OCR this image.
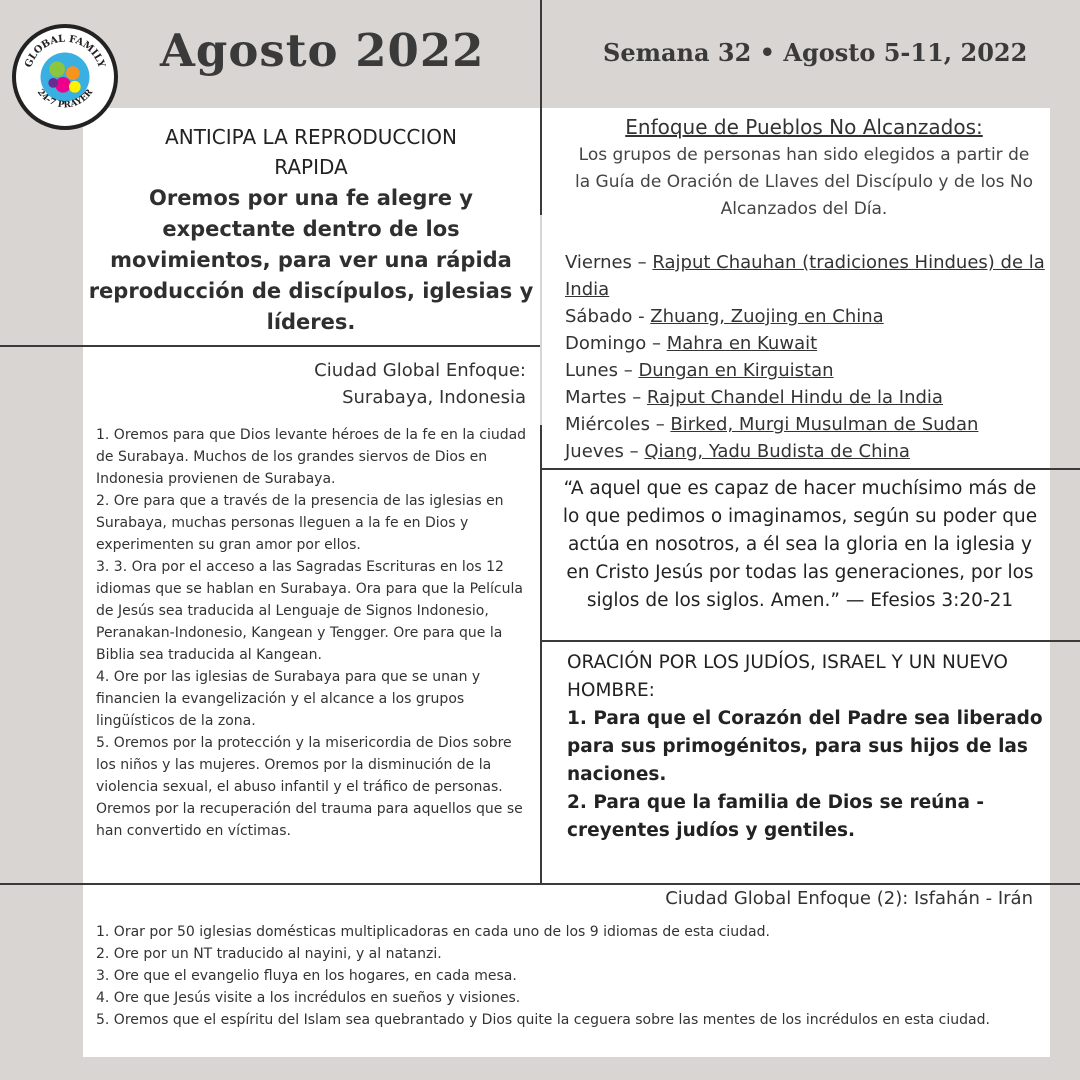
GLOBAL FAMILY
24-7 PRAYER
Agosto 2022	Semana 32 • Agosto 5-11, 2022
ANTICIPA LA REPRODUCCION
RAPIDA
Oremos por una fe alegre y expectante dentro de los movimientos, para ver una rápida reproducción de discípulos, iglesias y líderes.
Ciudad Global Enfoque:
Surabaya, Indonesia
1. Oremos para que Dios levante héroes de la fe en la ciudad de Surabaya. Muchos de los grandes siervos de Dios en Indonesia provienen de Surabaya.
2. Ore para que a través de la presencia de las iglesias en Surabaya, muchas personas lleguen a la fe en Dios y experimenten su gran amor por ellos.
3. 3. Ora por el acceso a las Sagradas Escrituras en los 12 idiomas que se hablan en Surabaya. Ora para que la Película de Jesús sea traducida al Lenguaje de Signos Indonesio, Peranakan-Indonesio, Kangean y Tengger. Ore para que la Biblia sea traducida al Kangean.
4. Ore por las iglesias de Surabaya para que se unan y financien la evangelización y el alcance a los grupos lingüísticos de la zona.
5. Oremos por la protección y la misericordia de Dios sobre los niños y las mujeres. Oremos por la disminución de la violencia sexual, el abuso infantil y el tráfico de personas. Oremos por la recuperación del trauma para aquellos que se han convertido en víctimas.
Enfoque de Pueblos No Alcanzados:
Los grupos de personas han sido elegidos a partir de la Guía de Oración de Llaves del Discípulo y de los No Alcanzados del Día.
Viernes – Rajput Chauhan (tradiciones Hindues) de la India
Sábado - Zhuang, Zuojing en China
Domingo – Mahra en Kuwait
Lunes – Dungan en Kirguistan
Martes – Rajput Chandel Hindu de la India
Miércoles – Birked, Murgi Musulman de Sudan
Jueves – Qiang, Yadu Budista de China
“A aquel que es capaz de hacer muchísimo más de lo que pedimos o imaginamos, según su poder que actúa en nosotros, a él sea la gloria en la iglesia y en Cristo Jesús por todas las generaciones, por los siglos de los siglos. Amen.” — Efesios 3:20-21
ORACIÓN POR LOS JUDÍOS, ISRAEL Y UN NUEVO HOMBRE:
1. Para que el Corazón del Padre sea liberado para sus primogénitos, para sus hijos de las naciones.
2. Para que la familia de Dios se reúna - creyentes judíos y gentiles.
Ciudad Global Enfoque (2): Isfahán - Irán
1. Orar por 50 iglesias domésticas multiplicadoras en cada uno de los 9 idiomas de esta ciudad.
2. Ore por un NT traducido al nayini, y al natanzi.
3. Ore que el evangelio fluya en los hogares, en cada mesa.
4. Ore que Jesús visite a los incrédulos en sueños y visiones.
5. Oremos que el espíritu del Islam sea quebrantado y Dios quite la ceguera sobre las mentes de los incrédulos en esta ciudad.
